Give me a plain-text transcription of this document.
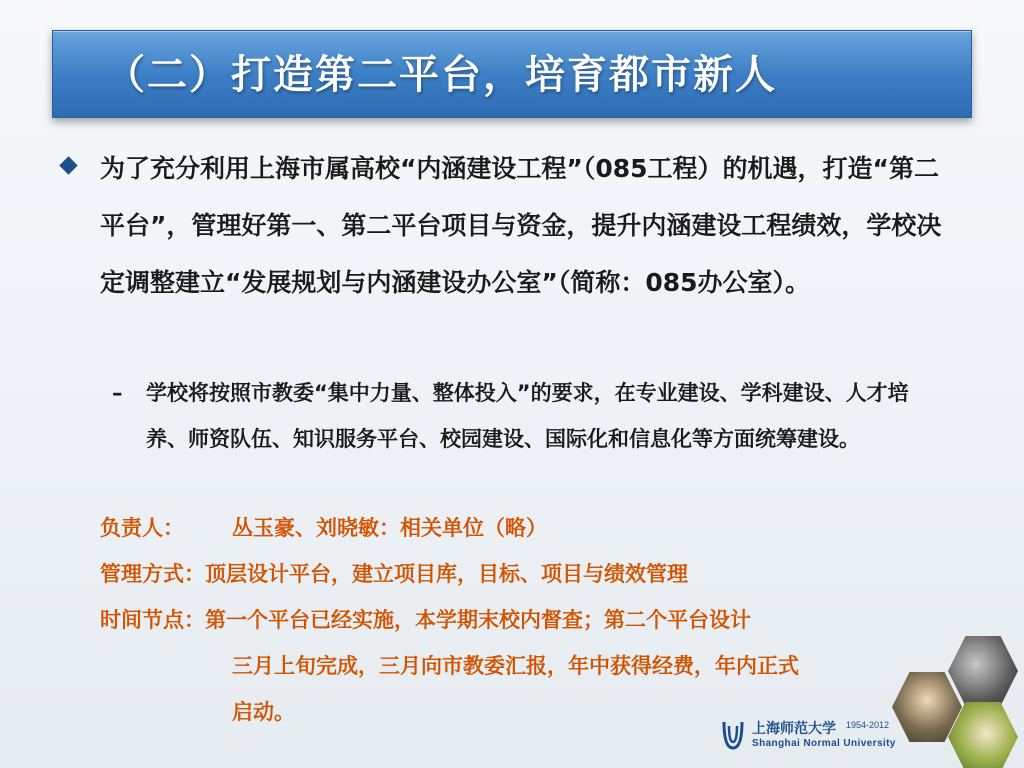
（二）打造第二平台，培育都市新人
为了充分利用上海市属高校“内涵建设工程”（085工程）的机遇，打造“第二平台”，管理好第一、第二平台项目与资金，提升内涵建设工程绩效，学校决定调整建立“发展规划与内涵建设办公室”（简称：085办公室）。
– 学校将按照市教委“集中力量、整体投入”的要求，在专业建设、学科建设、人才培养、师资队伍、知识服务平台、校园建设、国际化和信息化等方面统筹建设。
负责人： 丛玉豪、刘晓敏：相关单位（略）
管理方式：顶层设计平台，建立项目库，目标、项目与绩效管理
时间节点：第一个平台已经实施，本学期末校内督查；第二个平台设计
三月上旬完成，三月向市教委汇报，年中获得经费，年内正式
启动。
上海师范大学 1954-2012
Shanghai Normal University
